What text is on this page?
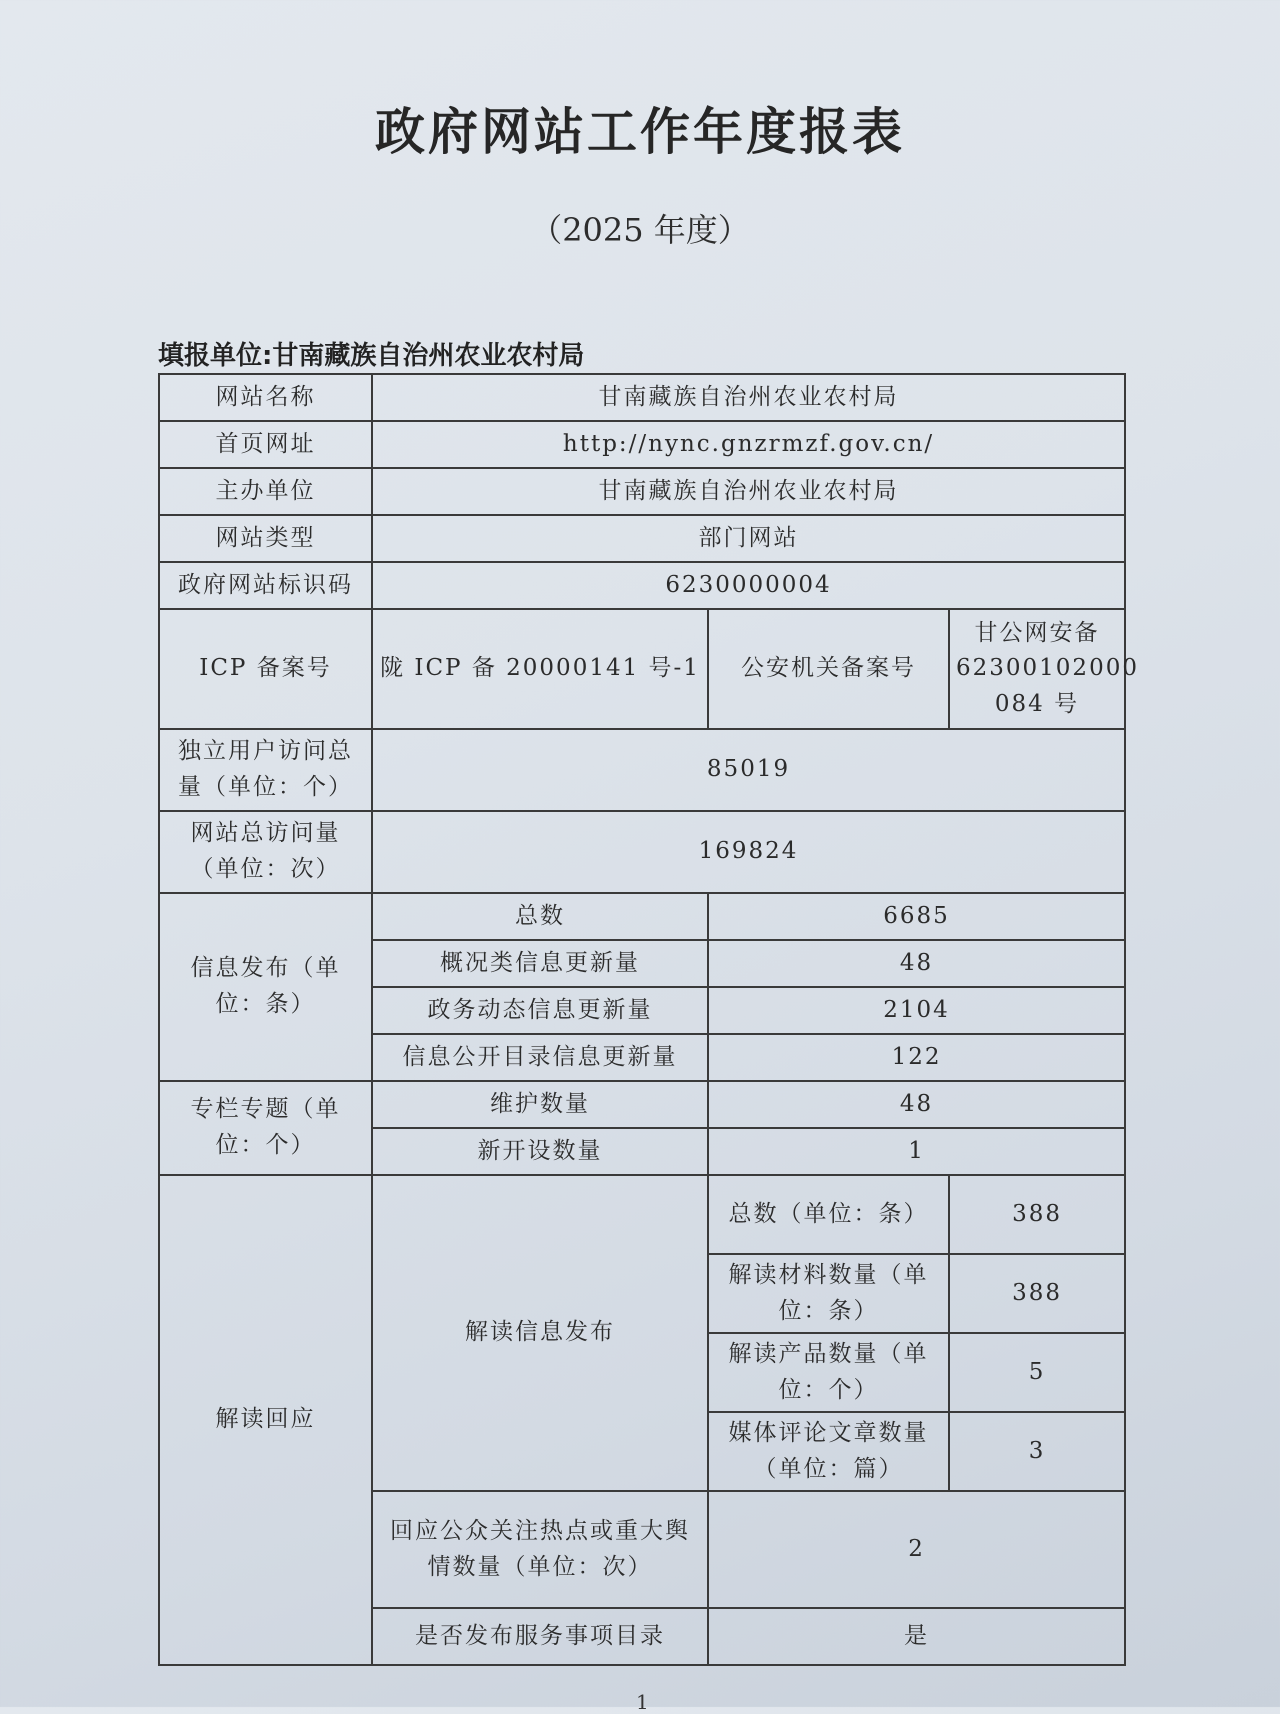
政府网站工作年度报表
（2025 年度）
填报单位:甘南藏族自治州农业农村局
网站名称	甘南藏族自治州农业农村局		
首页网址	http://nync.gnzrmzf.gov.cn/		
主办单位	甘南藏族自治州农业农村局		
网站类型	部门网站		
政府网站标识码	6230000004		
ICP 备案号	陇 ICP 备 20000141 号-1	公安机关备案号	甘公网安备 62300102000 084 号
独立用户访问总量（单位：个）	85019		
网站总访问量（单位：次）	169824		
信息发布（单位：条）	总数	6685	
	概况类信息更新量	48	
	政务动态信息更新量	2104	
	信息公开目录信息更新量	122	
专栏专题（单位：个）	维护数量	48	
	新开设数量	1	
解读回应	解读信息发布	总数（单位：条）	388
		解读材料数量（单位：条）	388
		解读产品数量（单位：个）	5
		媒体评论文章数量（单位：篇）	3
	回应公众关注热点或重大舆情数量（单位：次）	2	
	是否发布服务事项目录	是	
1
